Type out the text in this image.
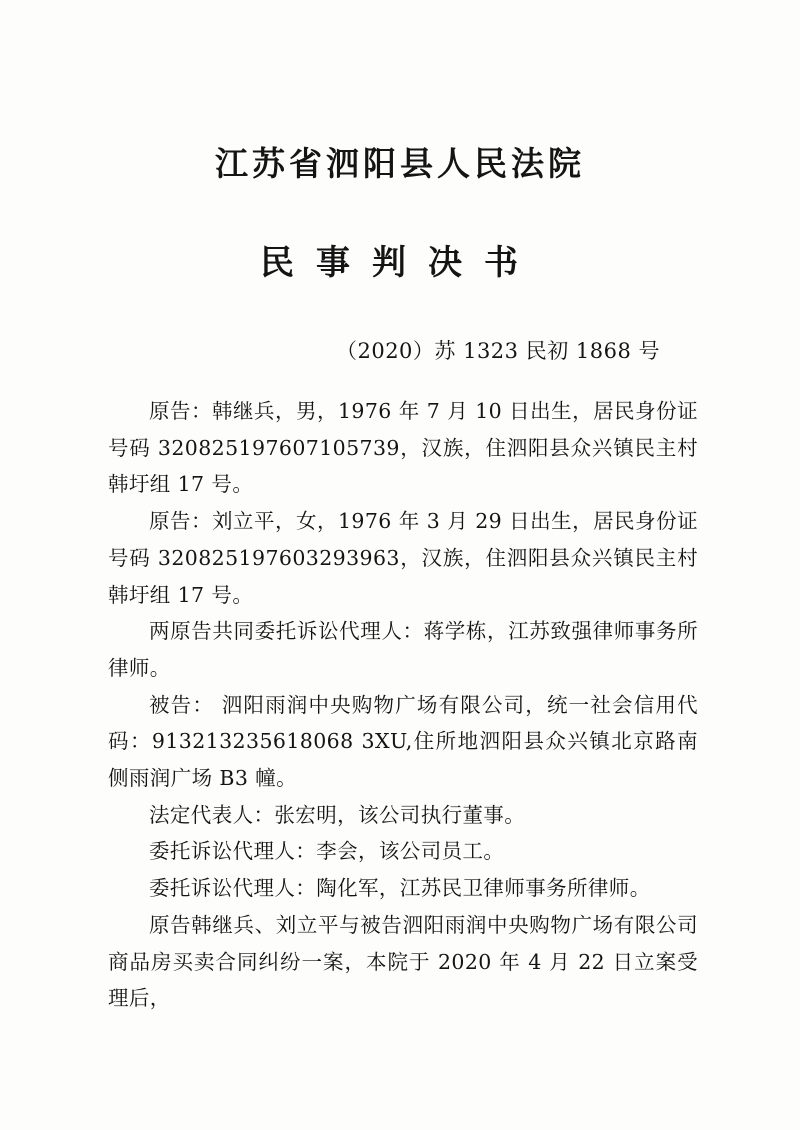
江苏省泗阳县人民法院
民事判决书
（2020）苏 1323 民初 1868 号

原告：韩继兵，男，1976 年 7 月 10 日出生，居民身份证号码 320825197607105739，汉族，住泗阳县众兴镇民主村韩圩组 17 号。

原告：刘立平，女，1976 年 3 月 29 日出生，居民身份证号码 320825197603293963，汉族，住泗阳县众兴镇民主村韩圩组 17 号。

两原告共同委托诉讼代理人：蒋学栋，江苏致强律师事务所律师。

被告： 泗阳雨润中央购物广场有限公司，统一社会信用代码：913213235618068 3XU,住所地泗阳县众兴镇北京路南侧雨润广场 B3 幢。

法定代表人：张宏明，该公司执行董事。

委托诉讼代理人：李会，该公司员工。

委托诉讼代理人：陶化军，江苏民卫律师事务所律师。

原告韩继兵、刘立平与被告泗阳雨润中央购物广场有限公司商品房买卖合同纠纷一案，本院于 2020 年 4 月 22 日立案受理后，
